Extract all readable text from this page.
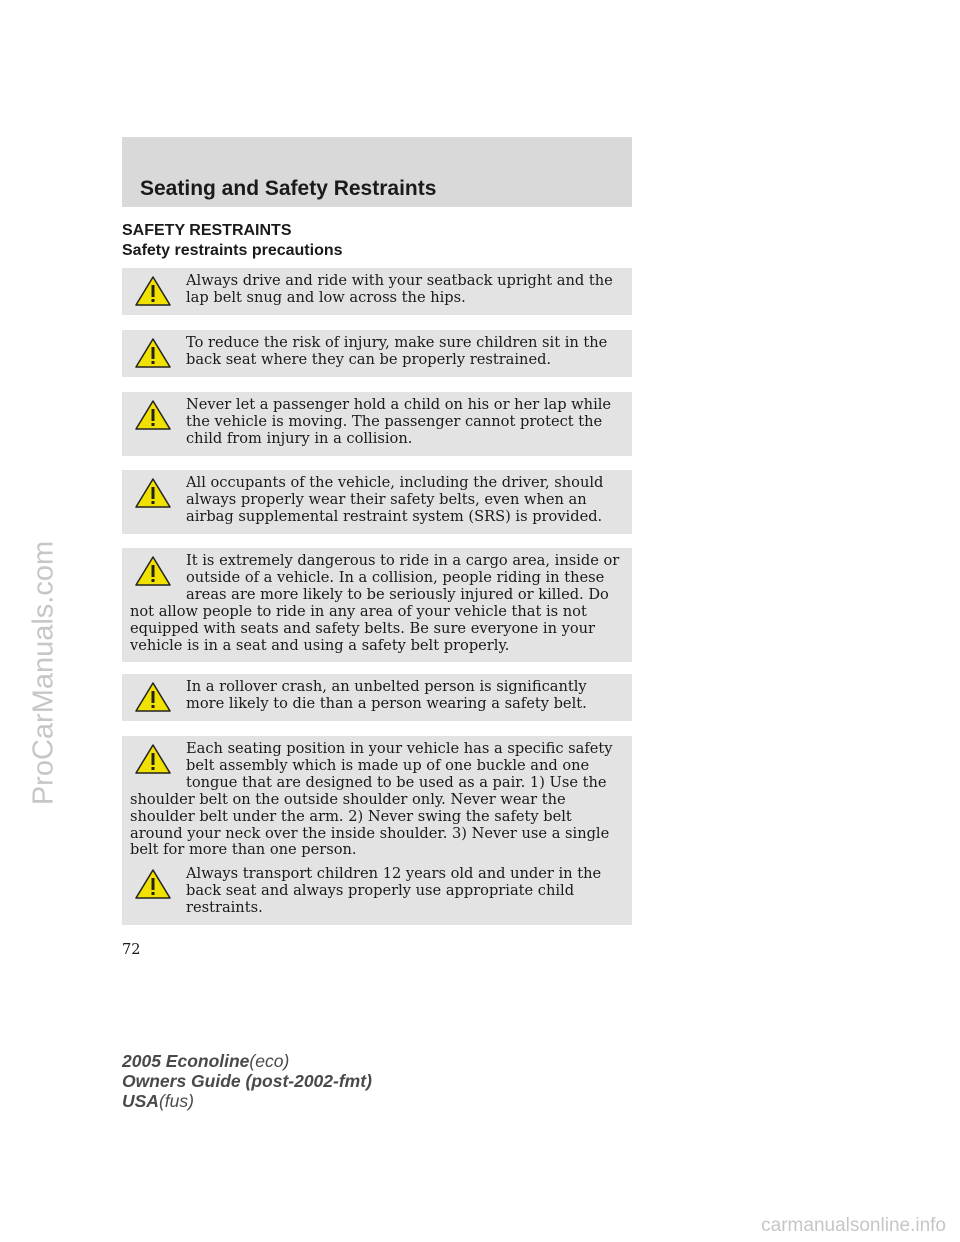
Seating and Safety Restraints
SAFETY RESTRAINTS
Safety restraints precautions

Always drive and ride with your seatback upright and the lap belt snug and low across the hips.

To reduce the risk of injury, make sure children sit in the back seat where they can be properly restrained.

Never let a passenger hold a child on his or her lap while the vehicle is moving. The passenger cannot protect the child from injury in a collision.

All occupants of the vehicle, including the driver, should always properly wear their safety belts, even when an airbag supplemental restraint system (SRS) is provided.

It is extremely dangerous to ride in a cargo area, inside or outside of a vehicle. In a collision, people riding in these areas are more likely to be seriously injured or killed. Do not allow people to ride in any area of your vehicle that is not equipped with seats and safety belts. Be sure everyone in your vehicle is in a seat and using a safety belt properly.

In a rollover crash, an unbelted person is significantly more likely to die than a person wearing a safety belt.

Each seating position in your vehicle has a specific safety belt assembly which is made up of one buckle and one tongue that are designed to be used as a pair. 1) Use the shoulder belt on the outside shoulder only. Never wear the shoulder belt under the arm. 2) Never swing the safety belt around your neck over the inside shoulder. 3) Never use a single belt for more than one person.

Always transport children 12 years old and under in the back seat and always properly use appropriate child restraints.

72

2005 Econoline(eco)
Owners Guide (post-2002-fmt)
USA(fus)
ProCarManuals.com
carmanualsonline.info
